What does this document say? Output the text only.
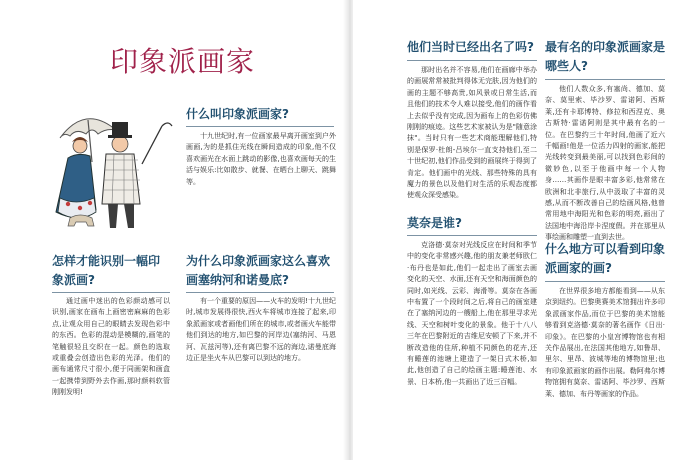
印象派画家
什么叫印象派画家?
十九世纪时,有一位画家最早离开画室到户外画画,为的是抓住光线在瞬间造成的印象,他不仅喜欢画光在水面上跳动的影像,也喜欢画每天的生活与娱乐:比如散步、就餐、在晒台上聊天、跳舞等。
怎样才能识别一幅印象派画?
通过画中迷出的色彩颜动感可以识别,画家在画布上画密密麻麻的色彩点,让观众用自己的眼睛去发现色彩中的东西。色彩的混动是模糊的,画笔的笔触很轻且交织在一起。颜色的选取或重叠会创造出色彩的光泽。他们的画布通常尺寸很小,便于同画架和画盒一起携带到野外去作画,那时颜料软管刚刚发明!
为什么印象派画家这么喜欢画塞纳河和诺曼底?
有一个重要的原因——火车的发明!十九世纪时,城市发展得很快,西火车将城市连接了起来,印象派画家或者画他们所在的城市,或者画火车能带他们到达的地方,如巴黎的河岸边(塞纳河、马恩河、瓦兹河等),还有离巴黎不远的海边,诺曼底海边正是坐火车从巴黎可以到达的地方。
他们当时已经出名了吗?
那时出名并不容易,他们在画廊中举办的画展常常被批判得体无完肤,因为他们的画的主题不够高贵,如风景或日常生活,而且他们的技术令人难以接受,他们的画作看上去似乎没有完成,因为画布上的色彩仿佛刚刚的痕迹。这些艺术家被认为是"随意涂抹"。当时只有一些艺术商能理解他们,特别是保罗·杜朗-吕埃尔一直支持他们,至二十世纪初,他们作品受到的画展终于得到了肯定。他们画中的光线、那些特殊的具有魔力的景色以及他们对生活的乐观态度都使观众深受感染。
莫奈是谁?
克洛德·莫奈对光线反应在时间和季节中的变化非常感兴趣,他的朋友兼老师欧仁·布丹也是如此,他们一起走出了画室去画变化的天空、水面,还有天空和海面颜色的同时,如光线、云彩、海滑等。莫奈在各画中布置了一个段时间之后,将自己的画室建在了塞纳河边的一艘船上,他在那里寻求光线、天空和树叶变化的景象。他于十八八三年在巴黎附近的吉维尼安顿了下来,并不断改造他的住所,种植不同颜色的花卉,还有睡莲的池塘上建造了一架日式木桥,如此,他创造了自己的绘画主题:睡莲池、水景、日本桥,他一共画出了近三百幅。
最有名的印象派画家是哪些人?
他们人数众多,有塞尚、德加、莫奈、莫里索、毕沙罗、雷诺阿、西斯莱,还有卡耶博特、修拉和西涅克、奥古斯特·雷诺阿则是其中最有名的一位。在巴黎约三十年时间,他画了近六千幅画!他是一位活力四射的画家,能把光线转变到最美丽,可以找到色彩间的微妙色,以至于他画中每一个人物身……其画作是眼丰富多彩,他常常在欧洲和北非旅行,从中汲取了丰富的灵感,从而不断改善自己的绘画风格,他曾常用地中海阳光和色彩的明亮,画出了法国地中海沿岸卡涅度假。并在那里从事绘画和雕塑一直到去世。
什么地方可以看到印象派画家的画?
在世界很多地方都能看到——从东京到纽约。巴黎奥赛美术馆拥出许多印象派画家作品,而位于巴黎的美术馆能够看到克洛德·莫奈的著名画作《日出·印象》。在巴黎的小皇宫博物馆也有相关作品展出,在法国其他地方,如鲁昂、里尔、里昂、波城等地的博物馆里;也有印象派画家的画作出展。勒阿弗尔博物馆拥有莫奈、雷诺阿、毕沙罗、西斯莱、德加、布丹等画家的作品。
